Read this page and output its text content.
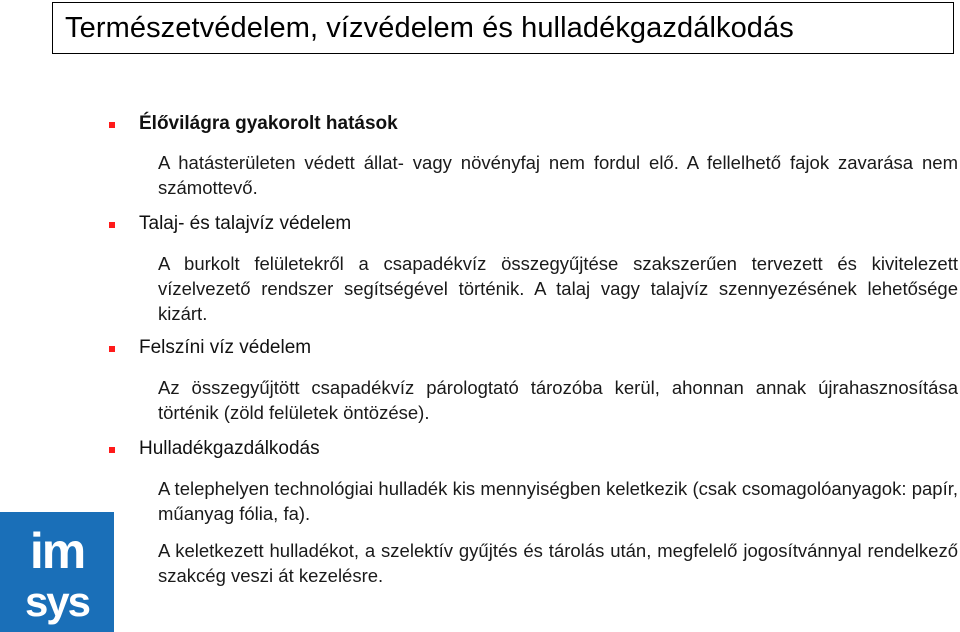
Természetvédelem, vízvédelem és hulladékgazdálkodás
Élővilágra gyakorolt hatások
A hatásterületen védett állat- vagy növényfaj nem fordul elő. A fellelhető fajok zavarása nem számottevő.
Talaj- és talajvíz védelem
A burkolt felületekről a csapadékvíz összegyűjtése szakszerűen tervezett és kivitelezett vízelvezető rendszer segítségével történik. A talaj vagy talajvíz szennyezésének lehetősége kizárt.
Felszíni víz védelem
Az összegyűjtött csapadékvíz párologtató tározóba kerül, ahonnan annak újrahasznosítása történik (zöld felületek öntözése).
Hulladékgazdálkodás
A telephelyen technológiai hulladék kis mennyiségben keletkezik (csak csomagolóanyagok: papír, műanyag fólia, fa).
A keletkezett hulladékot, a szelektív gyűjtés és tárolás után, megfelelő jogosítvánnyal rendelkező szakcég veszi át kezelésre.
im
sys
